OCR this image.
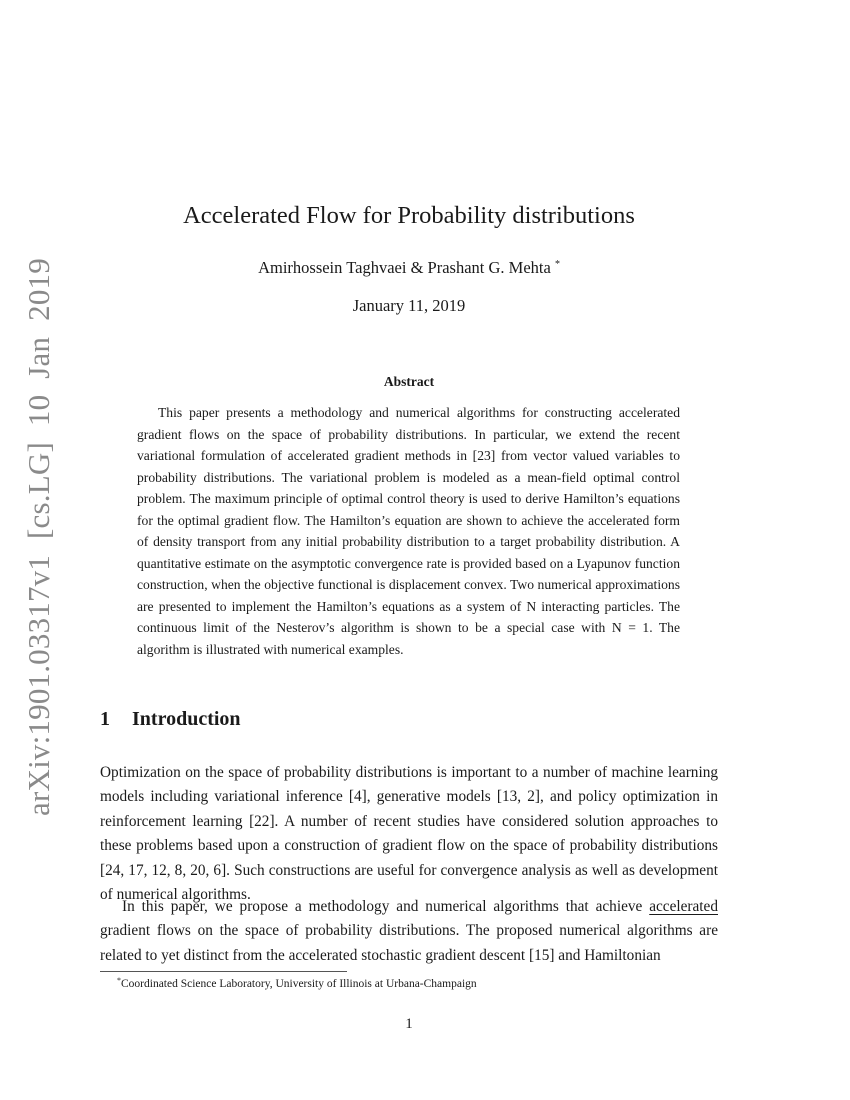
arXiv:1901.03317v1 [cs.LG] 10 Jan 2019
Accelerated Flow for Probability distributions
Amirhossein Taghvaei & Prashant G. Mehta *
January 11, 2019
Abstract
This paper presents a methodology and numerical algorithms for constructing accelerated gradient flows on the space of probability distributions. In particular, we extend the recent variational formulation of accelerated gradient methods in [23] from vector valued variables to probability distributions. The variational problem is modeled as a mean-field optimal control problem. The maximum principle of optimal control theory is used to derive Hamilton’s equations for the optimal gradient flow. The Hamilton’s equation are shown to achieve the accelerated form of density transport from any initial probability distribution to a target probability distribution. A quantitative estimate on the asymptotic convergence rate is provided based on a Lyapunov function construction, when the objective functional is displacement convex. Two numerical approximations are presented to implement the Hamilton’s equations as a system of N interacting particles. The continuous limit of the Nesterov’s algorithm is shown to be a special case with N = 1. The algorithm is illustrated with numerical examples.
1 Introduction
Optimization on the space of probability distributions is important to a number of machine learning models including variational inference [4], generative models [13, 2], and policy optimization in reinforcement learning [22]. A number of recent studies have considered solution approaches to these problems based upon a construction of gradient flow on the space of probability distributions [24, 17, 12, 8, 20, 6]. Such constructions are useful for convergence analysis as well as development of numerical algorithms.
In this paper, we propose a methodology and numerical algorithms that achieve accelerated gradient flows on the space of probability distributions. The proposed numerical algorithms are related to yet distinct from the accelerated stochastic gradient descent [15] and Hamiltonian
*Coordinated Science Laboratory, University of Illinois at Urbana-Champaign
1
